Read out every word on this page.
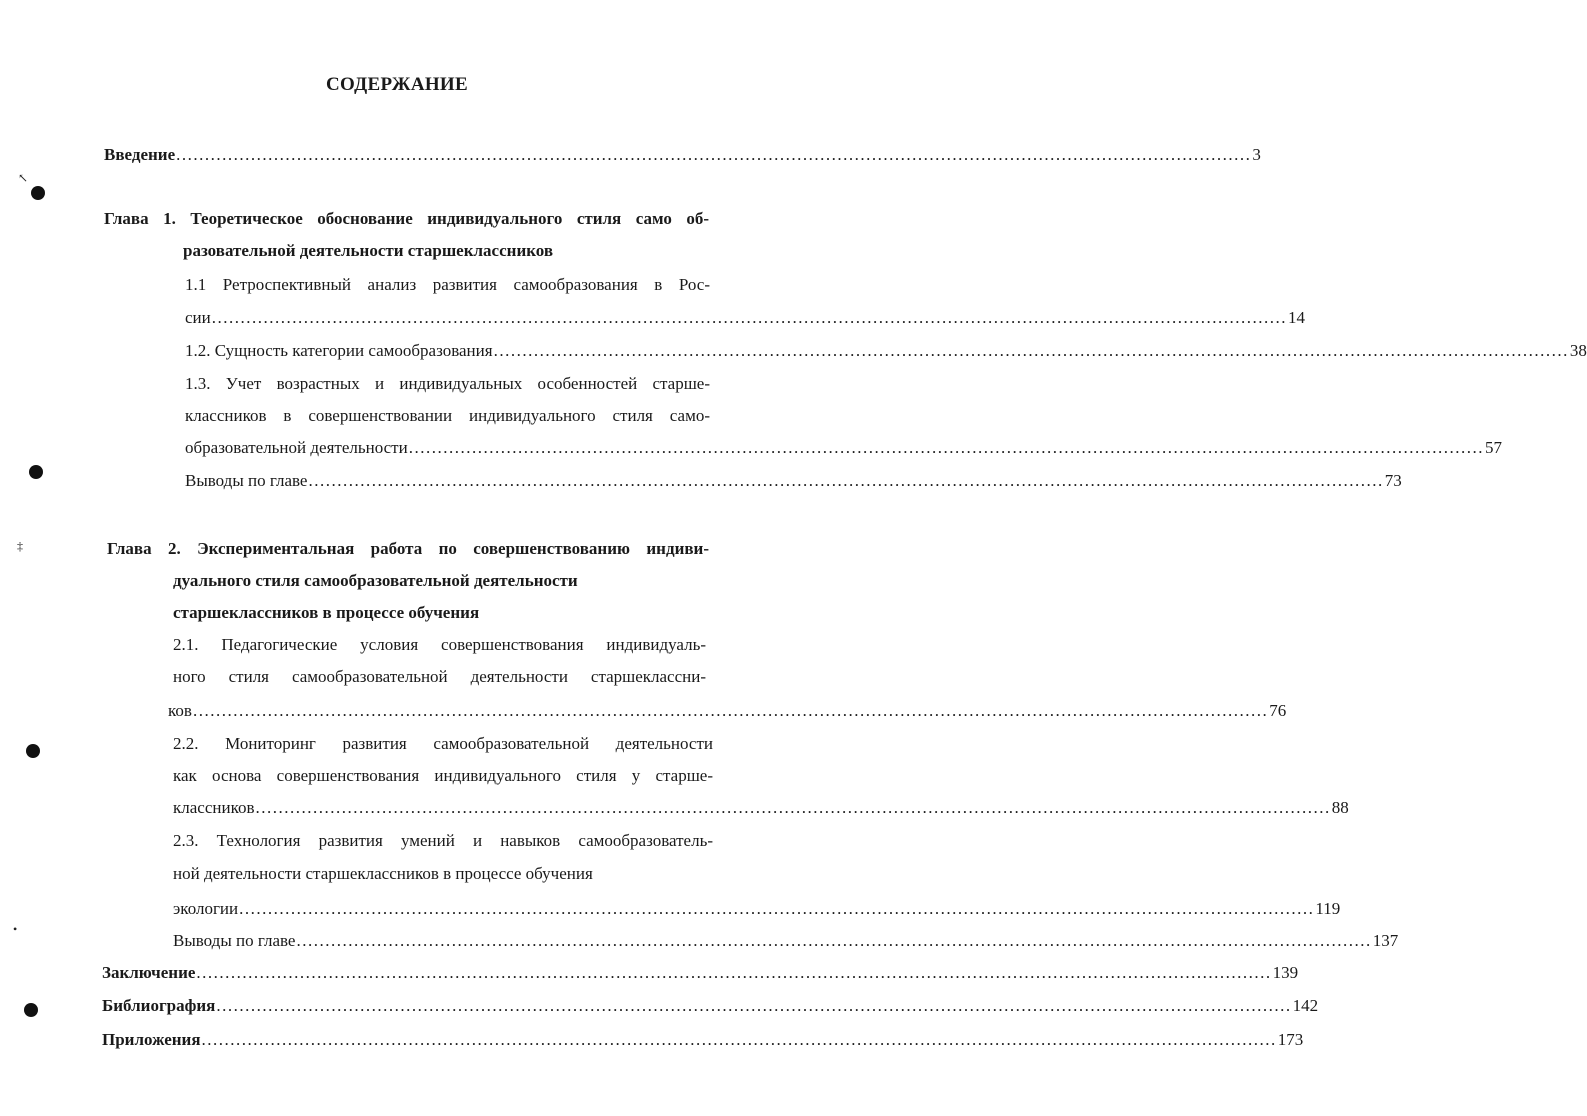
СОДЕРЖАНИЕ
Введение ........................................................................................................................................................................................... 3
Глава 1. Теоретическое обоснование индивидуального стиля само об-
разовательной деятельности старшеклассников
1.1 Ретроспективный анализ развития самообразования в Рос-
сии ........................................................................................................................................................................................... 14
1.2. Сущность категории самообразования ........................................................................................................................................................................................... 38
1.3. Учет возрастных и индивидуальных особенностей старше-
классников в совершенствовании индивидуального стиля само-
образовательной деятельности ........................................................................................................................................................................................... 57
Выводы по главе ........................................................................................................................................................................................... 73
Глава 2. Экспериментальная работа по совершенствованию индиви-
дуального стиля самообразовательной деятельности
старшеклассников в процессе обучения
2.1. Педагогические условия совершенствования индивидуаль-
ного стиля самообразовательной деятельности старшеклассни-
ков ........................................................................................................................................................................................... 76
2.2. Мониторинг развития самообразовательной деятельности
как основа совершенствования индивидуального стиля у старше-
классников ........................................................................................................................................................................................... 88
2.3. Технология развития умений и навыков самообразователь-
ной деятельности старшеклассников в процессе обучения
экологии ........................................................................................................................................................................................... 119
Выводы по главе ........................................................................................................................................................................................... 137
Заключение ........................................................................................................................................................................................... 139
Библиография ........................................................................................................................................................................................... 142
Приложения ........................................................................................................................................................................................... 173
↖
‡
•
